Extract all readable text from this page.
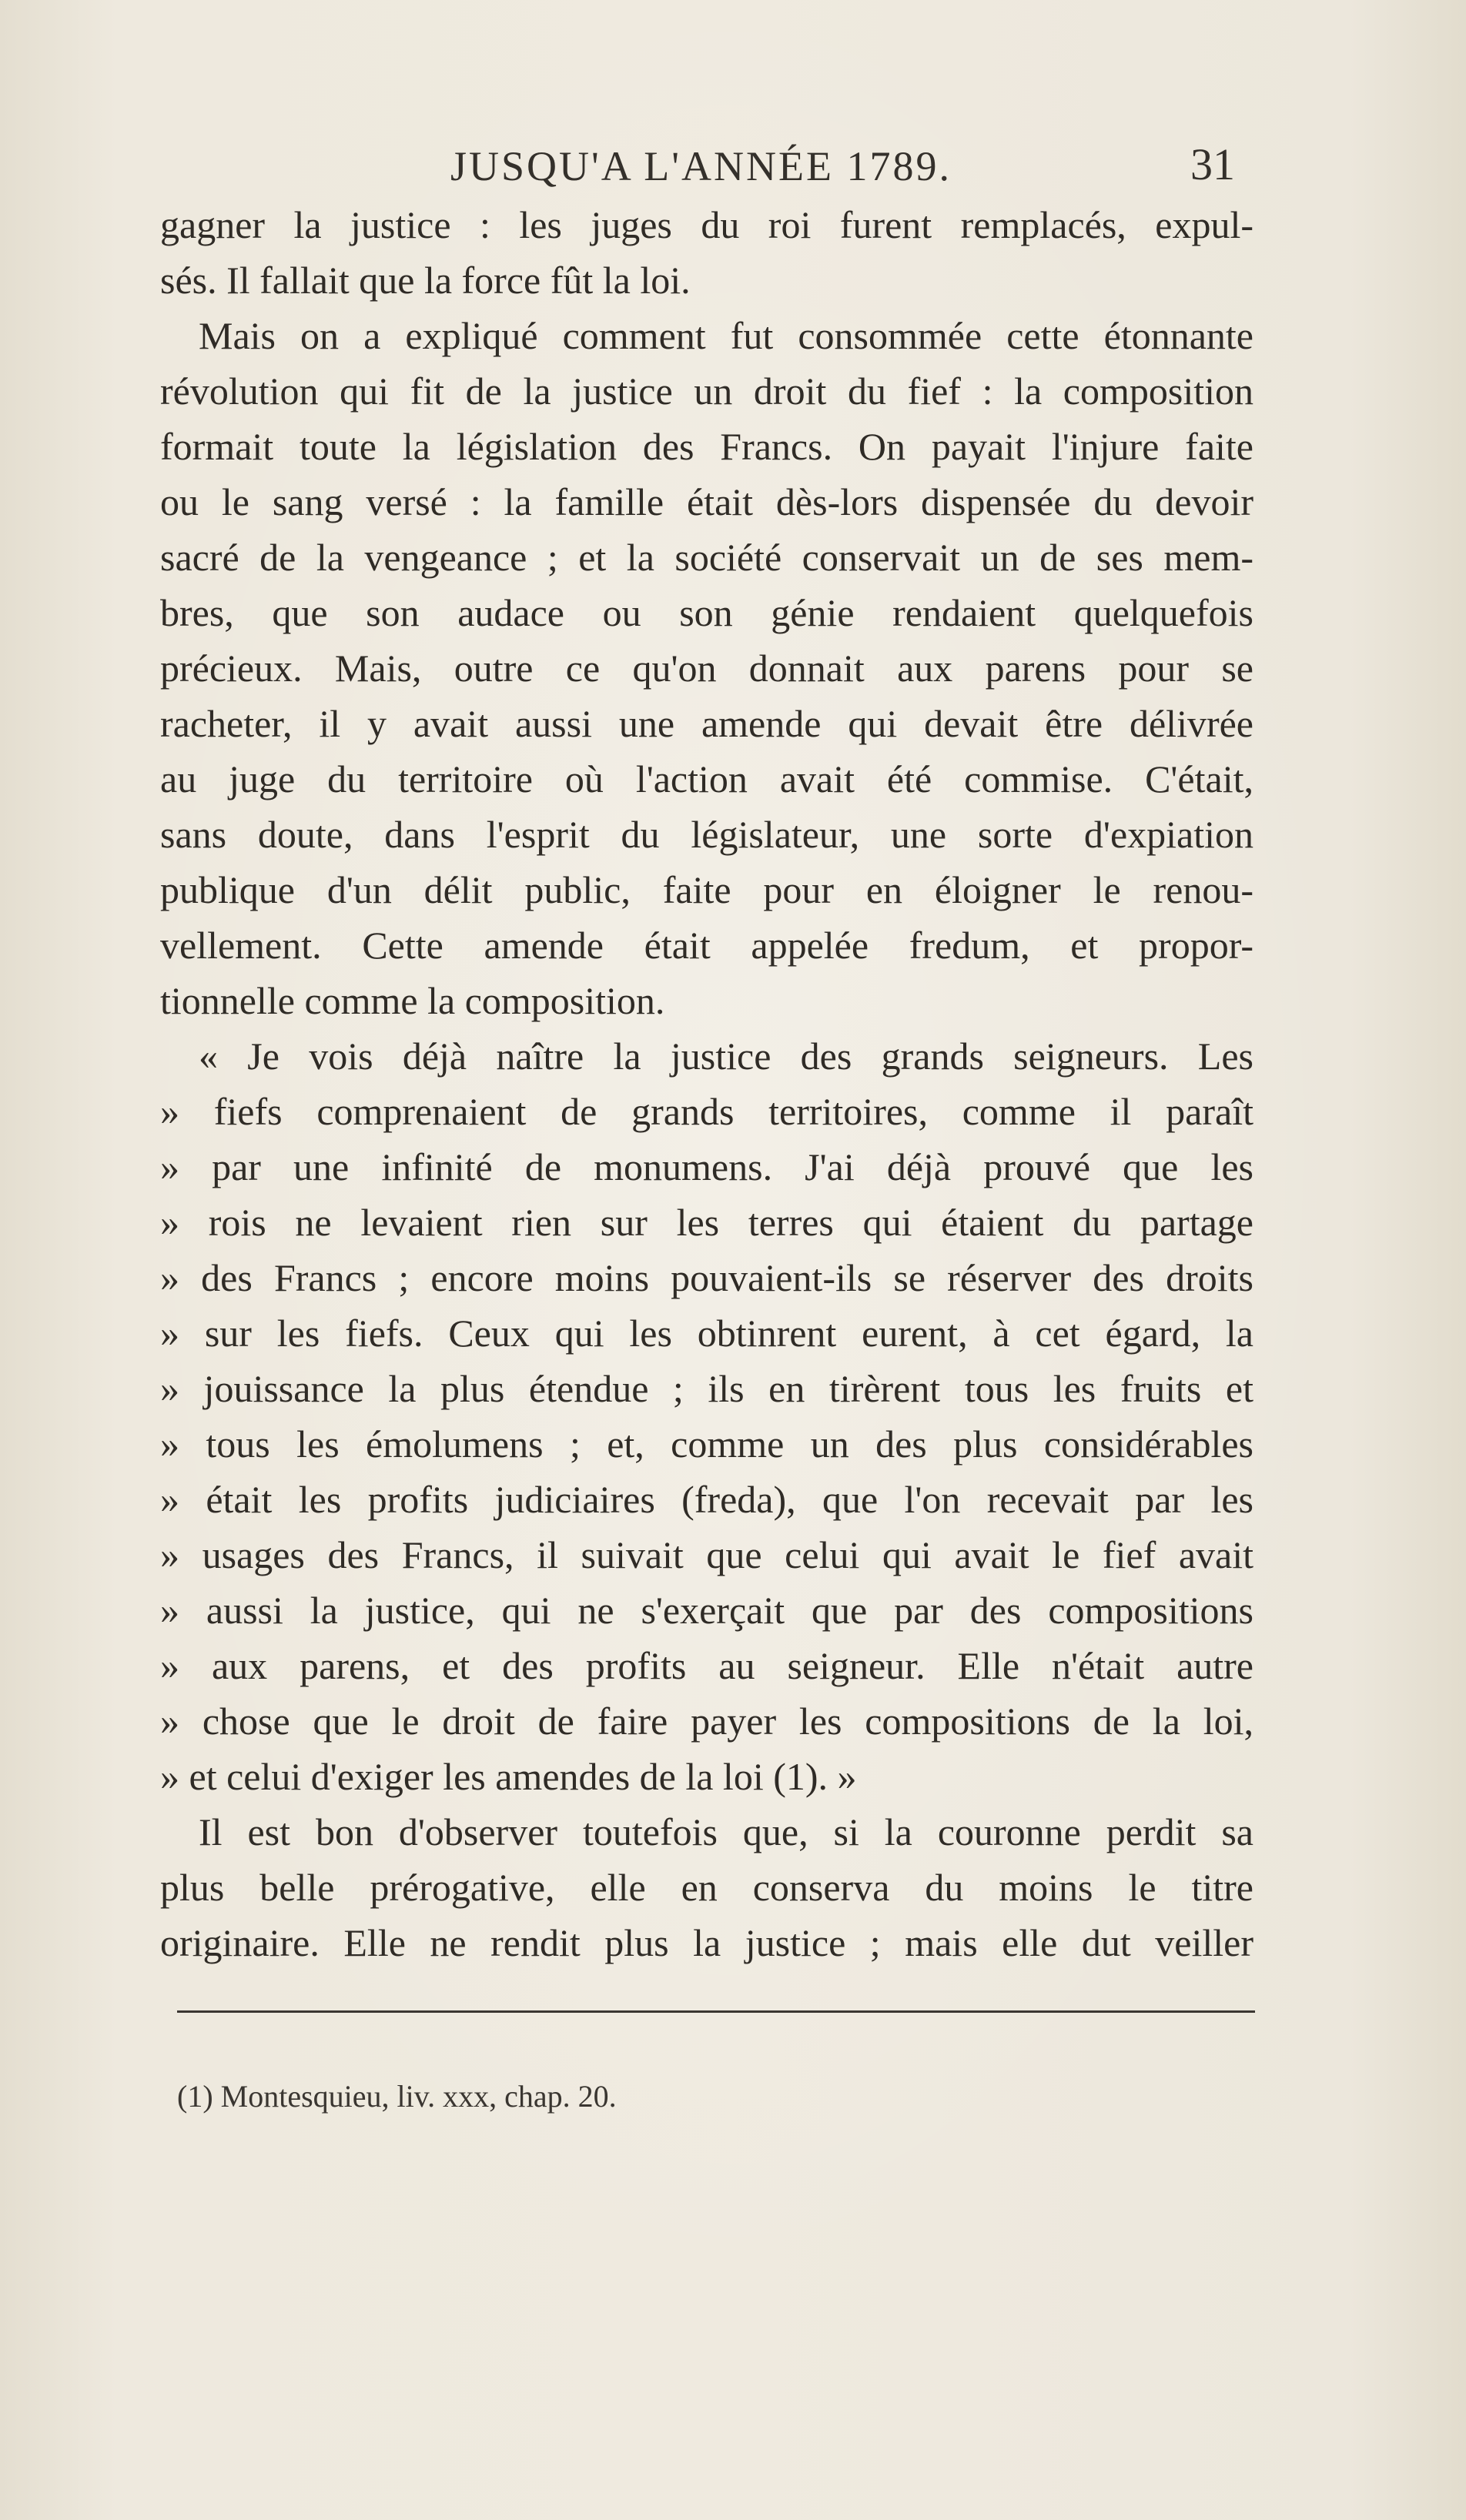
JUSQU'A L'ANNÉE 1789.	31
gagner la justice : les juges du roi furent remplacés, expul-
sés. Il fallait que la force fût la loi.
Mais on a expliqué comment fut consommée cette étonnante
révolution qui fit de la justice un droit du fief : la composition
formait toute la législation des Francs. On payait l'injure faite
ou le sang versé : la famille était dès-lors dispensée du devoir
sacré de la vengeance ; et la société conservait un de ses mem-
bres, que son audace ou son génie rendaient quelquefois
précieux. Mais, outre ce qu'on donnait aux parens pour se
racheter, il y avait aussi une amende qui devait être délivrée
au juge du territoire où l'action avait été commise. C'était,
sans doute, dans l'esprit du législateur, une sorte d'expiation
publique d'un délit public, faite pour en éloigner le renou-
vellement. Cette amende était appelée fredum, et propor-
tionnelle comme la composition.
« Je vois déjà naître la justice des grands seigneurs. Les
» fiefs comprenaient de grands territoires, comme il paraît
» par une infinité de monumens. J'ai déjà prouvé que les
» rois ne levaient rien sur les terres qui étaient du partage
» des Francs ; encore moins pouvaient-ils se réserver des droits
» sur les fiefs. Ceux qui les obtinrent eurent, à cet égard, la
» jouissance la plus étendue ; ils en tirèrent tous les fruits et
» tous les émolumens ; et, comme un des plus considérables
» était les profits judiciaires (freda), que l'on recevait par les
» usages des Francs, il suivait que celui qui avait le fief avait
» aussi la justice, qui ne s'exerçait que par des compositions
» aux parens, et des profits au seigneur. Elle n'était autre
» chose que le droit de faire payer les compositions de la loi,
» et celui d'exiger les amendes de la loi (1). »
Il est bon d'observer toutefois que, si la couronne perdit sa
plus belle prérogative, elle en conserva du moins le titre
originaire. Elle ne rendit plus la justice ; mais elle dut veiller
(1) Montesquieu, liv. xxx, chap. 20.
